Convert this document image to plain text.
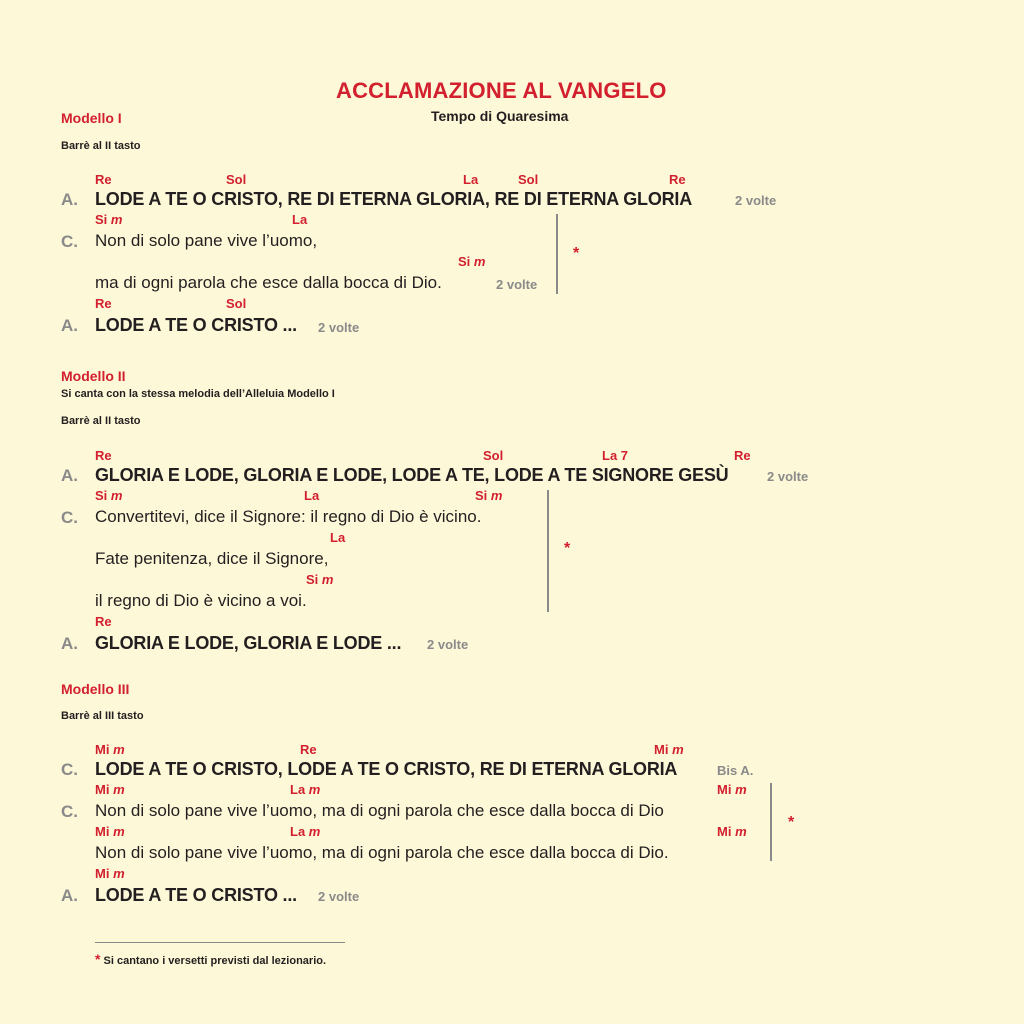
ACCLAMAZIONE AL VANGELO
Tempo di Quaresima
Modello I
Barrè al II tasto
Re	Sol	La	Sol	Re
A. LODE A TE O CRISTO, RE DI ETERNA GLORIA, RE DI ETERNA GLORIA	2 volte
Si m	La
C. Non di solo pane vive l’uomo,
Si m
ma di ogni parola che esce dalla bocca di Dio.	2 volte
*
Re	Sol
A. LODE A TE O CRISTO ... 2 volte
Modello II
Si canta con la stessa melodia dell’Alleluia Modello I
Barrè al II tasto
Re	Sol	La 7	Re
A. GLORIA E LODE, GLORIA E LODE, LODE A TE, LODE A TE SIGNORE GESÙ	2 volte
Si m	La	Si m
C. Convertitevi, dice il Signore: il regno di Dio è vicino.
La
Fate penitenza, dice il Signore,
Si m
il regno di Dio è vicino a voi.
*
Re
A. GLORIA E LODE, GLORIA E LODE ... 2 volte
Modello III
Barrè al III tasto
Mi m	Re	Mi m
C. LODE A TE O CRISTO, LODE A TE O CRISTO, RE DI ETERNA GLORIA	Bis A.
Mi m	La m	Mi m
C. Non di solo pane vive l’uomo, ma di ogni parola che esce dalla bocca di Dio
Mi m	La m	Mi m
Non di solo pane vive l’uomo, ma di ogni parola che esce dalla bocca di Dio.
*
Mi m
A. LODE A TE O CRISTO ... 2 volte
* Si cantano i versetti previsti dal lezionario.
